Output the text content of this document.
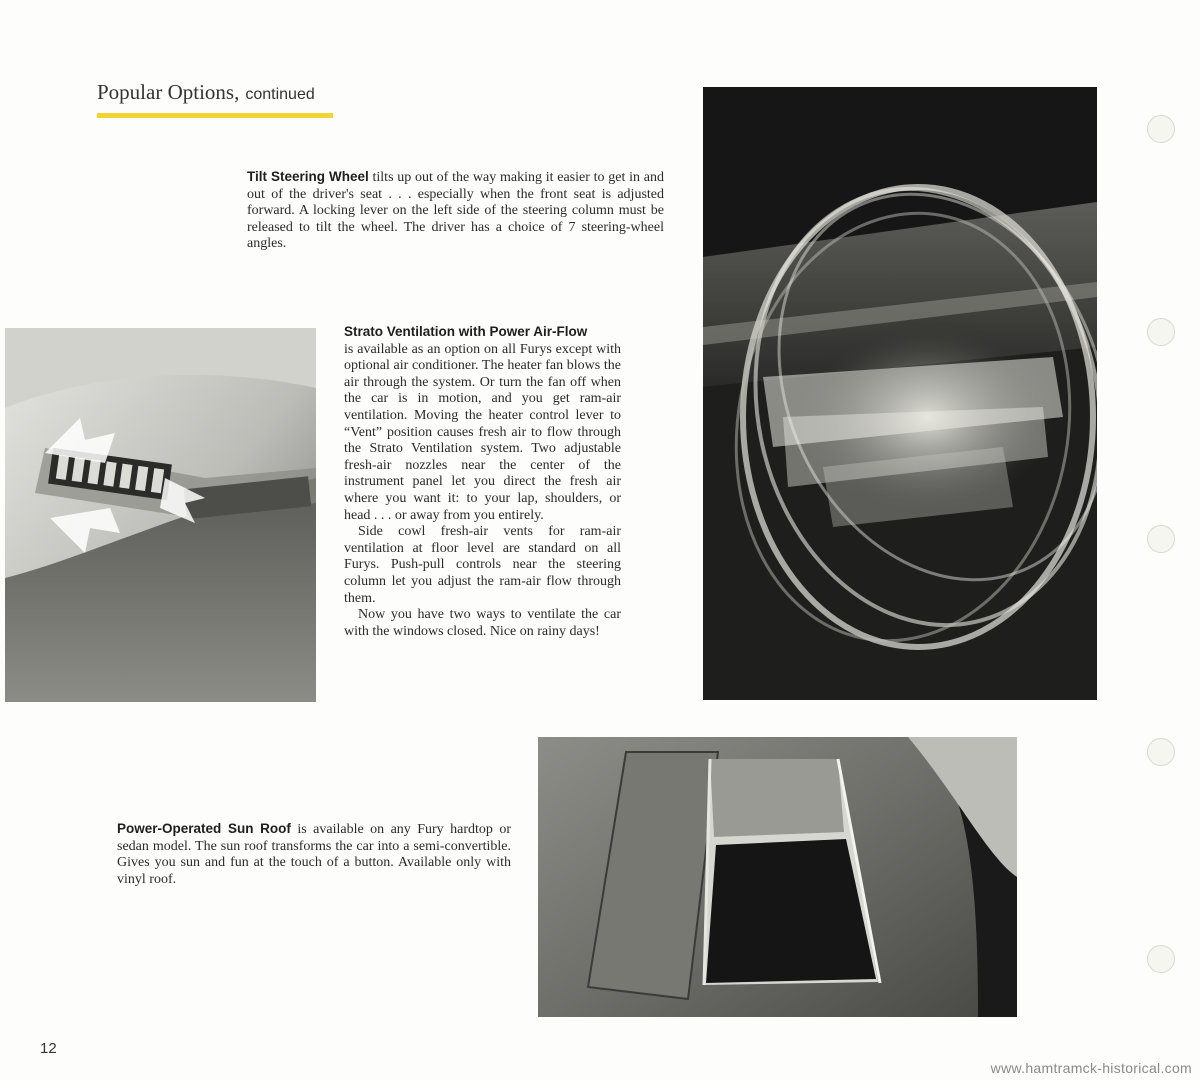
Popular Options, continued

Tilt Steering Wheel tilts up out of the way making it easier to get in and out of the driver's seat . . . especially when the front seat is adjusted forward. A locking lever on the left side of the steering column must be released to tilt the wheel. The driver has a choice of 7 steering-wheel angles.

Strato Ventilation with Power Air-Flow

is available as an option on all Furys except with optional air conditioner. The heater fan blows the air through the system. Or turn the fan off when the car is in motion, and you get ram-air ventilation. Moving the heater control lever to “Vent” position causes fresh air to flow through the Strato Ventilation system. Two adjustable fresh-air nozzles near the center of the instrument panel let you direct the fresh air where you want it: to your lap, shoulders, or head . . . or away from you entirely.

Side cowl fresh-air vents for ram-air ventilation at floor level are standard on all Furys. Push-pull controls near the steering column let you adjust the ram-air flow through them.

Now you have two ways to ventilate the car with the windows closed. Nice on rainy days!

Power-Operated Sun Roof is available on any Fury hardtop or sedan model. The sun roof transforms the car into a semi-convertible. Gives you sun and fun at the touch of a button. Available only with vinyl roof.

12
www.hamtramck-historical.com
